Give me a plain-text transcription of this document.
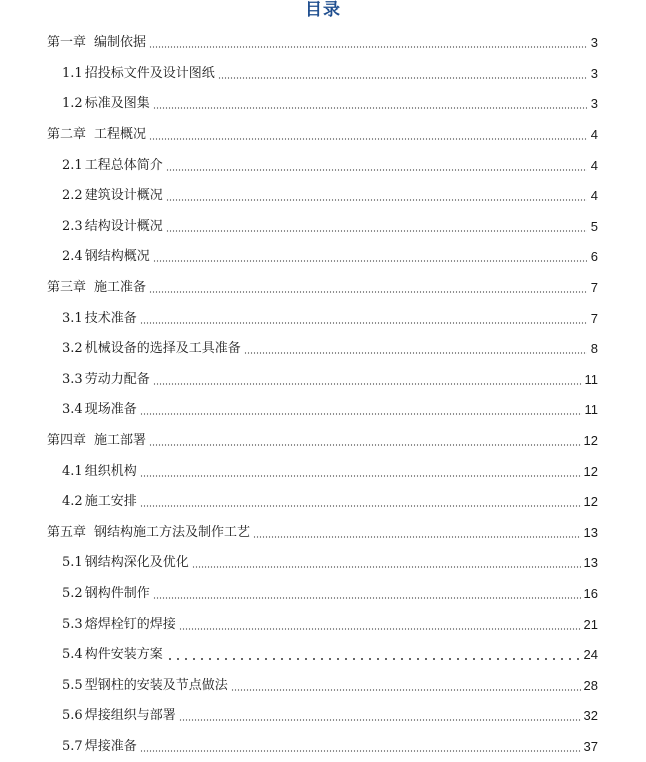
目录
第一章 编制依据	3
1.1 招投标文件及设计图纸	3
1.2 标准及图集	3
第二章 工程概况	4
2.1 工程总体简介	4
2.2 建筑设计概况	4
2.3 结构设计概况	5
2.4 钢结构概况	6
第三章 施工准备	7
3.1 技术准备	7
3.2 机械设备的选择及工具准备	8
3.3 劳动力配备	11
3.4 现场准备	11
第四章 施工部署	12
4.1 组织机构	12
4.2 施工安排	12
第五章 钢结构施工方法及制作工艺	13
5.1 钢结构深化及优化	13
5.2 钢构件制作	16
5.3 熔焊栓钉的焊接	21
5.4 构件安装方案	24
5.5 型钢柱的安装及节点做法	28
5.6 焊接组织与部署	32
5.7 焊接准备	37
